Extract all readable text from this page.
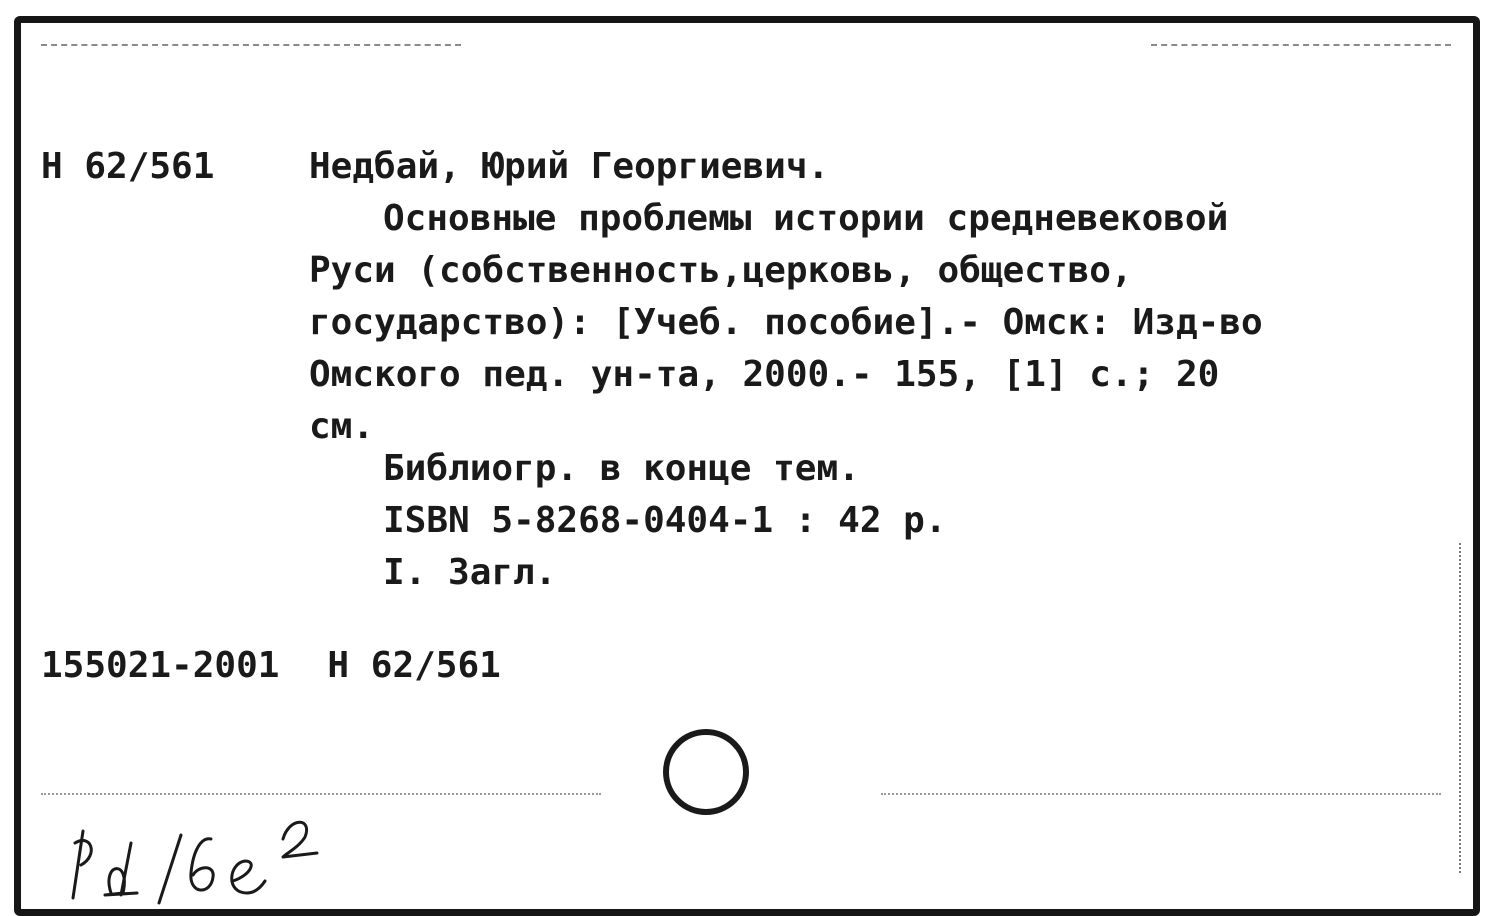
Н 62/561	Недбай, Юрий Георгиевич.
Основные проблемы истории средневековой
Руси (собственность,церковь, общество,
государство): [Учеб. пособие].- Омск: Изд-во
Омского пед. ун-та, 2000.- 155, [1] с.; 20
см.
Библиогр. в конце тем.
ISBN 5-8268-0404-1 : 42 р.
I. Загл.
155021-2001 Н 62/561
